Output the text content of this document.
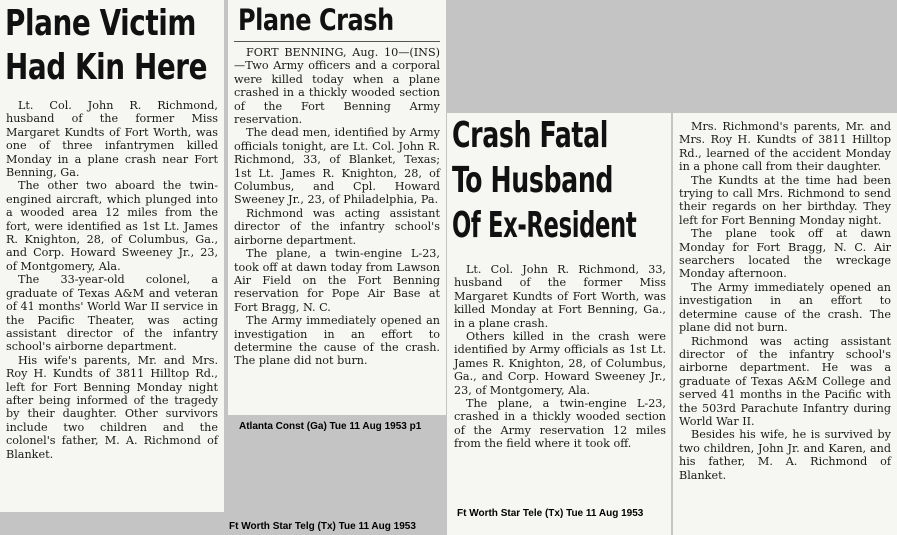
Plane Victim
Had Kin Here

Lt. Col. John R. Richmond, husband of the former Miss Margaret Kundts of Fort Worth, was one of three infantrymen killed Monday in a plane crash near Fort Benning, Ga.

The other two aboard the twin-engined aircraft, which plunged into a wooded area 12 miles from the fort, were identified as 1st Lt. James R. Knighton, 28, of Columbus, Ga., and Corp. Howard Sweeney Jr., 23, of Montgomery, Ala.

The 33-year-old colonel, a graduate of Texas A&M and veteran of 41 months' World War II service in the Pacific Theater, was acting assistant director of the infantry school's airborne department.

His wife's parents, Mr. and Mrs. Roy H. Kundts of 3811 Hilltop Rd., left for Fort Benning Monday night after being informed of the tragedy by their daughter. Other survivors include two children and the colonel's father, M. A. Richmond of Blanket.

Ft Worth Star Telg (Tx) Tue 11 Aug 1953
Plane Crash

FORT BENNING, Aug. 10—(INS)—Two Army officers and a corporal were killed today when a plane crashed in a thickly wooded section of the Fort Benning Army reservation.

The dead men, identified by Army officials tonight, are Lt. Col. John R. Richmond, 33, of Blanket, Texas; 1st Lt. James R. Knighton, 28, of Columbus, and Cpl. Howard Sweeney Jr., 23, of Philadelphia, Pa.

Richmond was acting assistant director of the infantry school's airborne department.

The plane, a twin-engine L-23, took off at dawn today from Lawson Air Field on the Fort Benning reservation for Pope Air Base at Fort Bragg, N. C.

The Army immediately opened an investigation in an effort to determine the cause of the crash. The plane did not burn.

Atlanta Const (Ga) Tue 11 Aug 1953 p1
Crash Fatal
To Husband
Of Ex-Resident

Lt. Col. John R. Richmond, 33, husband of the former Miss Margaret Kundts of Fort Worth, was killed Monday at Fort Benning, Ga., in a plane crash.

Others killed in the crash were identified by Army officials as 1st Lt. James R. Knighton, 28, of Columbus, Ga., and Corp. Howard Sweeney Jr., 23, of Montgomery, Ala.

The plane, a twin-engine L-23, crashed in a thickly wooded section of the Army reservation 12 miles from the field where it took off.

Ft Worth Star Tele (Tx) Tue 11 Aug 1953

Mrs. Richmond's parents, Mr. and Mrs. Roy H. Kundts of 3811 Hilltop Rd., learned of the accident Monday in a phone call from their daughter.

The Kundts at the time had been trying to call Mrs. Richmond to send their regards on her birthday. They left for Fort Benning Monday night.

The plane took off at dawn Monday for Fort Bragg, N. C. Air searchers located the wreckage Monday afternoon.

The Army immediately opened an investigation in an effort to determine cause of the crash. The plane did not burn.

Richmond was acting assistant director of the infantry school's airborne department. He was a graduate of Texas A&M College and served 41 months in the Pacific with the 503rd Parachute Infantry during World War II.

Besides his wife, he is survived by two children, John Jr. and Karen, and his father, M. A. Richmond of Blanket.
